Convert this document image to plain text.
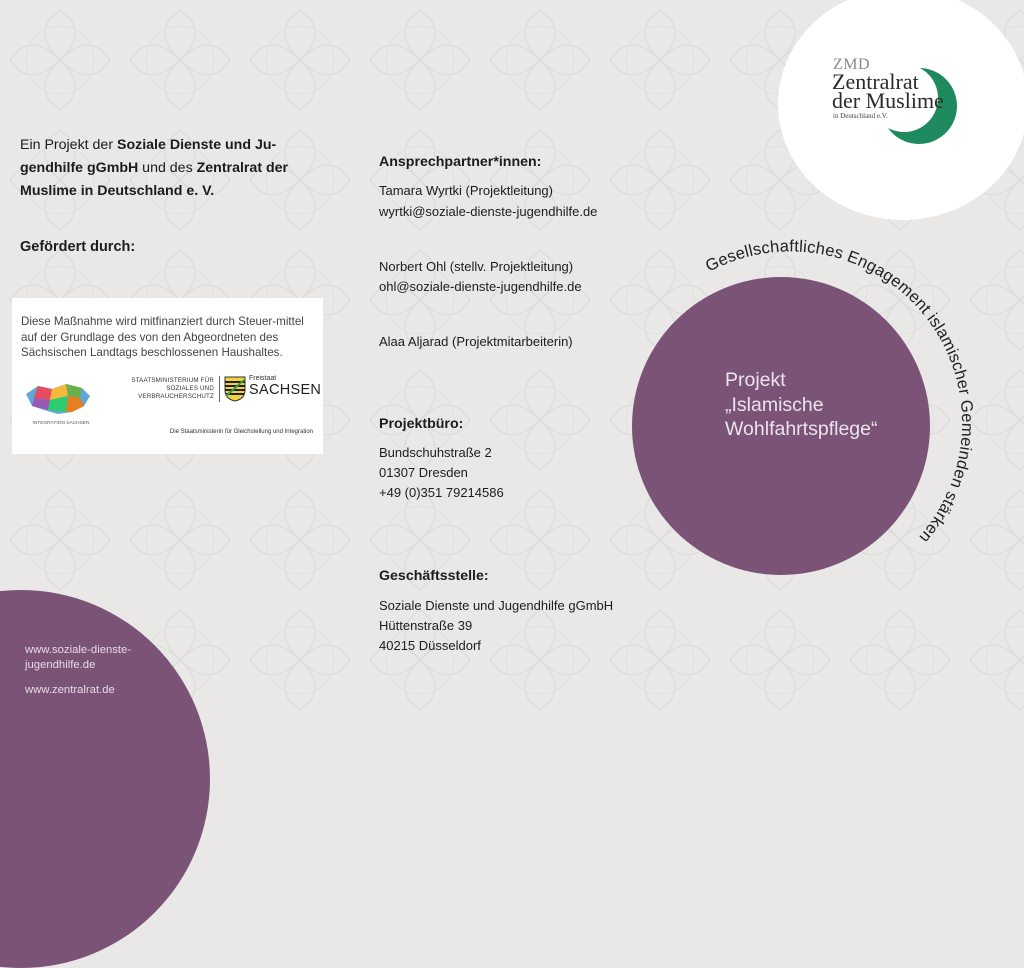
Ein Projekt der Soziale Dienste und Ju-gendhilfe gGmbH und des Zentralrat der Muslime in Deutschland e. V.

Gefördert durch:

Diese Maßnahme wird mitfinanziert durch Steuer-mittel auf der Grundlage des von den Abgeordneten des Sächsischen Landtags beschlossenen Haushaltes.
INTEGRATION SACHSEN
STAATSMINISTERIUM FÜR SOZIALES UND VERBRAUCHERSCHUTZ
Freistaat
SACHSEN
Die Staatsministerin für Gleichstellung und Integration

Ansprechpartner*innen:

Tamara Wyrtki (Projektleitung)

wyrtki@soziale-dienste-jugendhilfe.de

Norbert Ohl (stellv. Projektleitung)

ohl@soziale-dienste-jugendhilfe.de

Alaa Aljarad (Projektmitarbeiterin)

Projektbüro:

Bundschuhstraße 2

01307 Dresden

+49 (0)351 79214586

Geschäftsstelle:

Soziale Dienste und Jugendhilfe gGmbH

Hüttenstraße 39

40215 Düsseldorf

www.soziale-dienste-
jugendhilfe.de
www.zentralrat.de
ZMD
Zentralrat
der Muslime
in Deutschland e.V.
Projekt
„Islamische
Wohlfahrtspflege“
Gesellschaftliches Engagement islamischer Gemeinden stärken
